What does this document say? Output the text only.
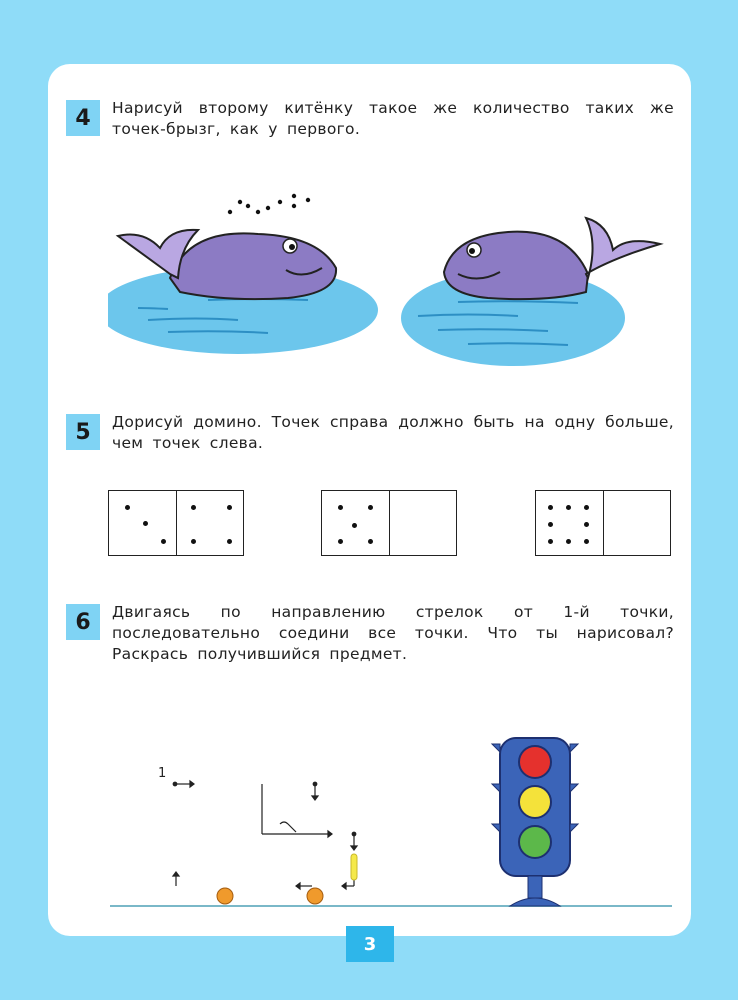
4	Нарисуй второму китёнку такое же количество таких же точек-брызг, как у первого.
5	Дорисуй домино. Точек справа должно быть на одну больше, чем точек слева.
6	Двигаясь по направлению стрелок от 1-й точки, последовательно соедини все точки. Что ты нарисовал? Раскрась получившийся предмет.
1
3
